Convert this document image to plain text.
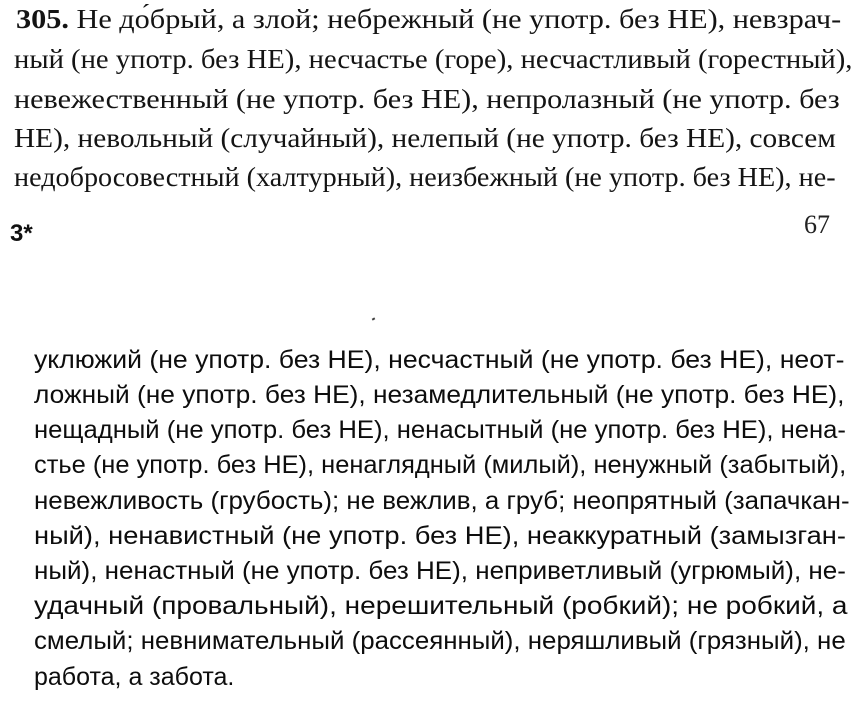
305. Не до́брый, а злой; небрежный (не употр. без НЕ), невзрач-

ный (не употр. без НЕ), несчастье (горе), несчастливый (горестный),

невежественный (не употр. без НЕ), непролазный (не употр. без

НЕ), невольный (случайный), нелепый (не употр. без НЕ), совсем

недобросовестный (халтурный), неизбежный (не употр. без НЕ), не-

3*	67

уклюжий (не употр. без НЕ), несчастный (не употр. без НЕ), неот-

ложный (не употр. без НЕ), незамедлительный (не употр. без НЕ),

нещадный (не употр. без НЕ), ненасытный (не употр. без НЕ), нена-

стье (не употр. без НЕ), ненаглядный (милый), ненужный (забытый),

невежливость (грубость); не вежлив, а груб; неопрятный (запачкан-

ный), ненавистный (не употр. без НЕ), неаккуратный (замызган-

ный), ненастный (не употр. без НЕ), неприветливый (угрюмый), не-

удачный (провальный), нерешительный (робкий); не робкий, а

смелый; невнимательный (рассеянный), неряшливый (грязный), не

работа, а забота.
